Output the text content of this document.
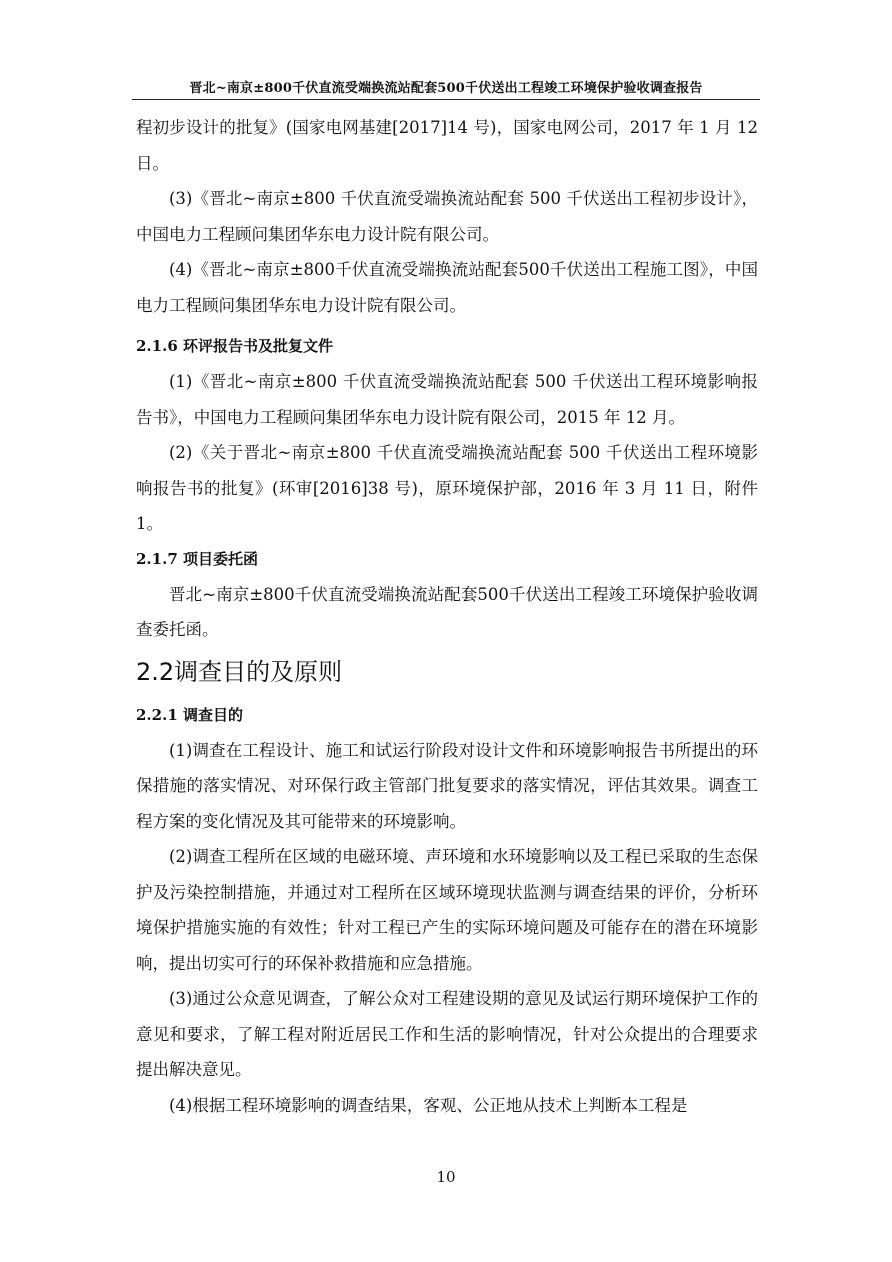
晋北~南京±800千伏直流受端换流站配套500千伏送出工程竣工环境保护验收调查报告

程初步设计的批复》(国家电网基建[2017]14 号)，国家电网公司，2017 年 1 月 12 日。

(3)《晋北~南京±800 千伏直流受端换流站配套 500 千伏送出工程初步设计》，中国电力工程顾问集团华东电力设计院有限公司。

(4)《晋北~南京±800千伏直流受端换流站配套500千伏送出工程施工图》，中国电力工程顾问集团华东电力设计院有限公司。

2.1.6 环评报告书及批复文件

(1)《晋北~南京±800 千伏直流受端换流站配套 500 千伏送出工程环境影响报告书》，中国电力工程顾问集团华东电力设计院有限公司，2015 年 12 月。

(2)《关于晋北~南京±800 千伏直流受端换流站配套 500 千伏送出工程环境影响报告书的批复》(环审[2016]38 号)，原环境保护部，2016 年 3 月 11 日，附件 1。

2.1.7 项目委托函

晋北~南京±800千伏直流受端换流站配套500千伏送出工程竣工环境保护验收调查委托函。

2.2调查目的及原则

2.2.1 调查目的

(1)调查在工程设计、施工和试运行阶段对设计文件和环境影响报告书所提出的环保措施的落实情况、对环保行政主管部门批复要求的落实情况，评估其效果。调查工程方案的变化情况及其可能带来的环境影响。

(2)调查工程所在区域的电磁环境、声环境和水环境影响以及工程已采取的生态保护及污染控制措施，并通过对工程所在区域环境现状监测与调查结果的评价，分析环境保护措施实施的有效性；针对工程已产生的实际环境问题及可能存在的潜在环境影响，提出切实可行的环保补救措施和应急措施。

(3)通过公众意见调查，了解公众对工程建设期的意见及试运行期环境保护工作的意见和要求，了解工程对附近居民工作和生活的影响情况，针对公众提出的合理要求提出解决意见。

(4)根据工程环境影响的调查结果，客观、公正地从技术上判断本工程是

10
